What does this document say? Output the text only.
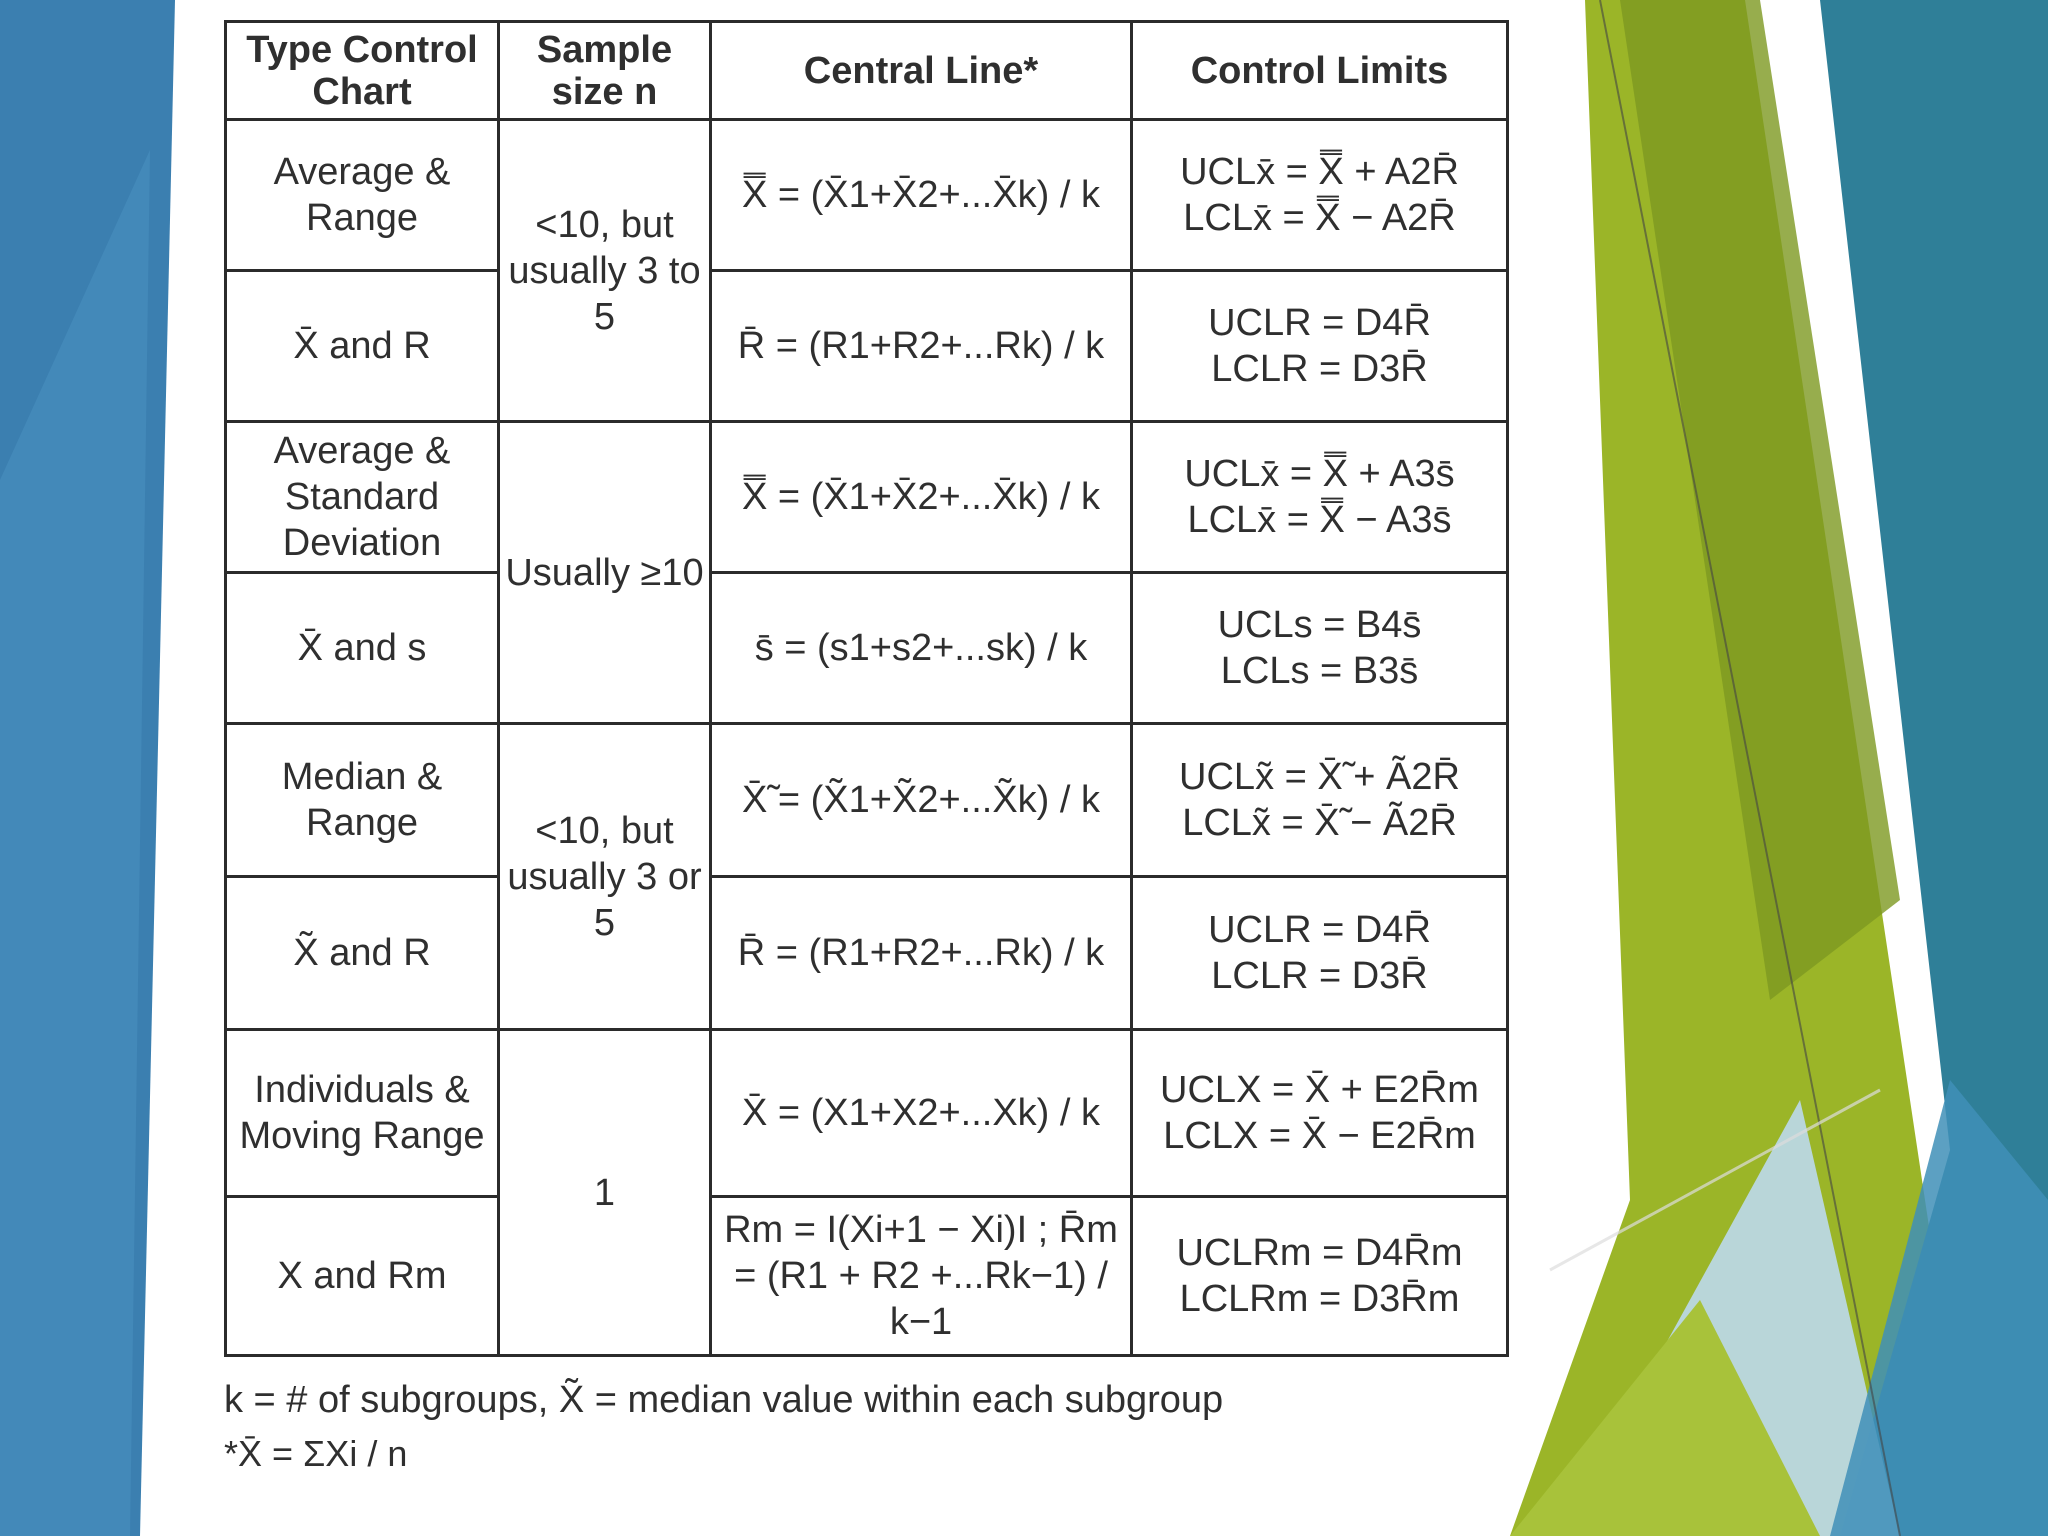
Type Control Chart	Sample size n	Central Line*	Control Limits
Average & Range	<10, but usually 3 to 5	X̿ = (X̄1+X̄2+...X̄k) / k	UCLx̄ = X̿ + A2R̄
LCLx̄ = X̿ − A2R̄

X̄ and R		R̄ = (R1+R2+...Rk) / k	UCLR = D4R̄
LCLR = D3R̄

Average & Standard Deviation	Usually ≥10	X̿ = (X̄1+X̄2+...X̄k) / k	UCLx̄ = X̿ + A3s̄
LCLx̄ = X̿ − A3s̄

X̄ and s		s̄ = (s1+s2+...sk) / k	UCLs = B4s̄
LCLs = B3s̄

Median & Range	<10, but usually 3 or 5	X̄̃ = (X̃1+X̃2+...X̃k) / k	UCLx̃ = X̄̃ + Ã2R̄
LCLx̃ = X̄̃ − Ã2R̄

X̃ and R		R̄ = (R1+R2+...Rk) / k	UCLR = D4R̄
LCLR = D3R̄

Individuals & Moving Range	1	X̄ = (X1+X2+...Xk) / k	UCLX = X̄ + E2R̄m
LCLX = X̄ − E2R̄m

X and Rm		Rm = I(Xi+1 − Xi)I ; R̄m = (R1 + R2 +...Rk−1) / k−1	UCLRm = D4R̄m
LCLRm = D3R̄m
k = # of subgroups, X̃ = median value within each subgroup
*X̄ = ΣXi / n
